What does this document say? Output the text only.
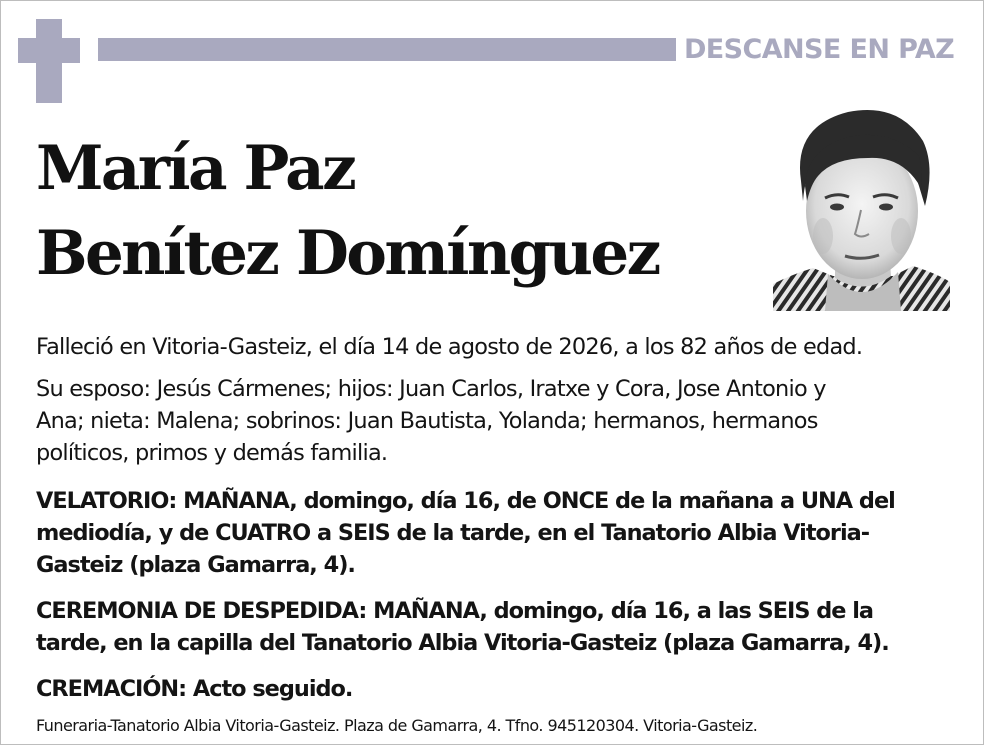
DESCANSE EN PAZ
María Paz
Benítez Domínguez
Falleció en Vitoria-Gasteiz, el día 14 de agosto de 2026, a los 82 años de edad.
Su esposo: Jesús Cármenes; hijos: Juan Carlos, Iratxe y Cora, Jose Antonio y
Ana; nieta: Malena; sobrinos: Juan Bautista, Yolanda; hermanos, hermanos
políticos, primos y demás familia.
VELATORIO: MAÑANA, domingo, día 16, de ONCE de la mañana a UNA del
mediodía, y de CUATRO a SEIS de la tarde, en el Tanatorio Albia Vitoria-
Gasteiz (plaza Gamarra, 4).
CEREMONIA DE DESPEDIDA: MAÑANA, domingo, día 16, a las SEIS de la
tarde, en la capilla del Tanatorio Albia Vitoria-Gasteiz (plaza Gamarra, 4).
CREMACIÓN: Acto seguido.
Funeraria-Tanatorio Albia Vitoria-Gasteiz. Plaza de Gamarra, 4. Tfno. 945120304. Vitoria-Gasteiz.
